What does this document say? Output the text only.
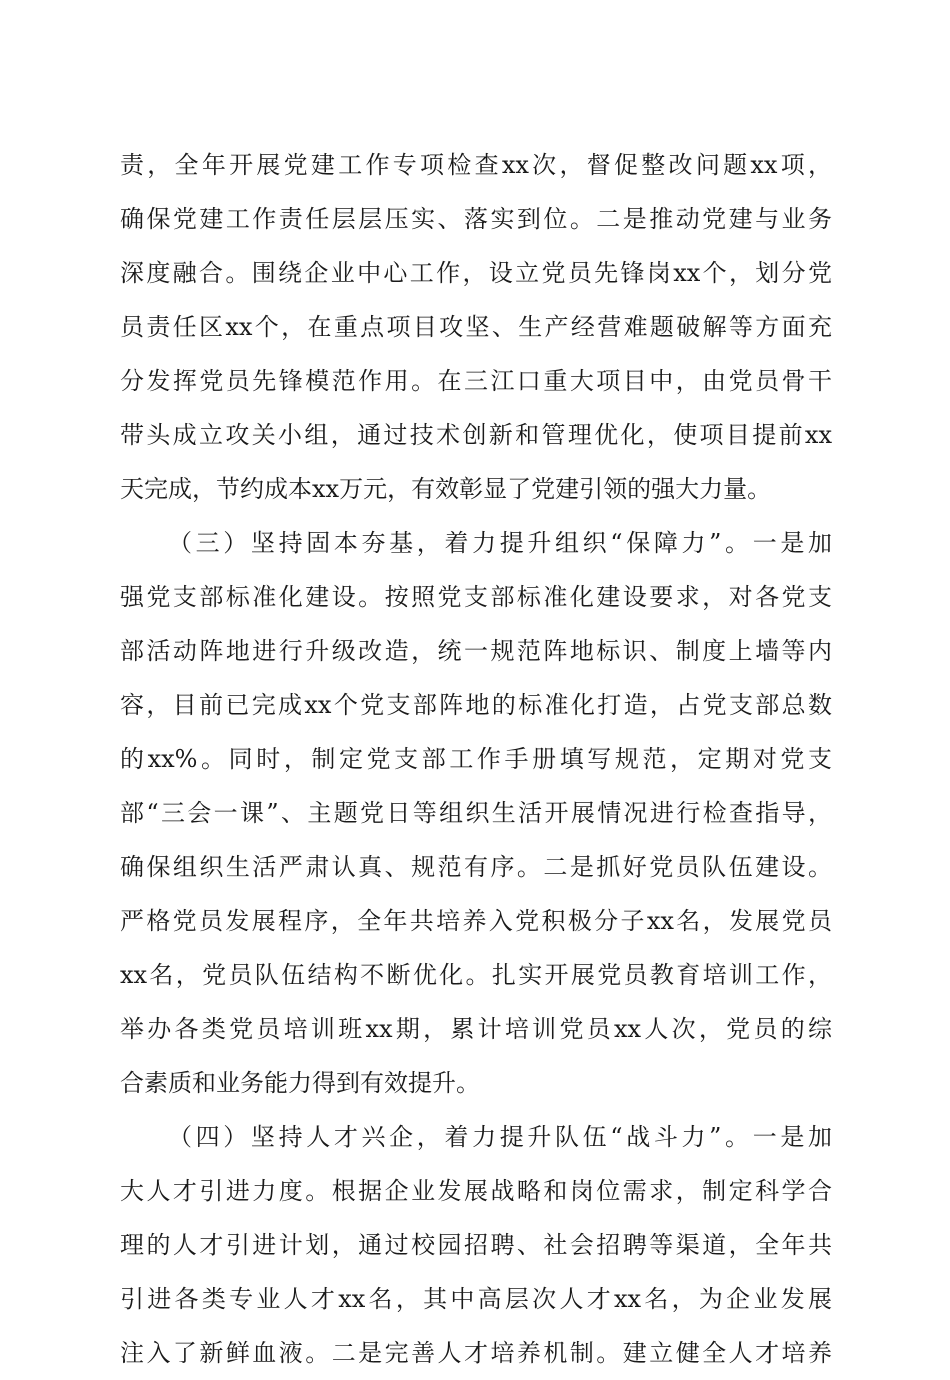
责，全年开展党建工作专项检查xx次，督促整改问题xx项，
确保党建工作责任层层压实、落实到位。二是推动党建与业务
深度融合。围绕企业中心工作，设立党员先锋岗xx个，划分党
员责任区xx个，在重点项目攻坚、生产经营难题破解等方面充
分发挥党员先锋模范作用。在三江口重大项目中，由党员骨干
带头成立攻关小组，通过技术创新和管理优化，使项目提前xx
天完成，节约成本xx万元，有效彰显了党建引领的强大力量。
（三）坚持固本夯基，着力提升组织“保障力”。一是加
强党支部标准化建设。按照党支部标准化建设要求，对各党支
部活动阵地进行升级改造，统一规范阵地标识、制度上墙等内
容，目前已完成xx个党支部阵地的标准化打造，占党支部总数
的xx%。同时，制定党支部工作手册填写规范，定期对党支
部“三会一课”、主题党日等组织生活开展情况进行检查指导，
确保组织生活严肃认真、规范有序。二是抓好党员队伍建设。
严格党员发展程序，全年共培养入党积极分子xx名，发展党员
xx名，党员队伍结构不断优化。扎实开展党员教育培训工作，
举办各类党员培训班xx期，累计培训党员xx人次，党员的综
合素质和业务能力得到有效提升。
（四）坚持人才兴企，着力提升队伍“战斗力”。一是加
大人才引进力度。根据企业发展战略和岗位需求，制定科学合
理的人才引进计划，通过校园招聘、社会招聘等渠道，全年共
引进各类专业人才xx名，其中高层次人才xx名，为企业发展
注入了新鲜血液。二是完善人才培养机制。建立健全人才培养
